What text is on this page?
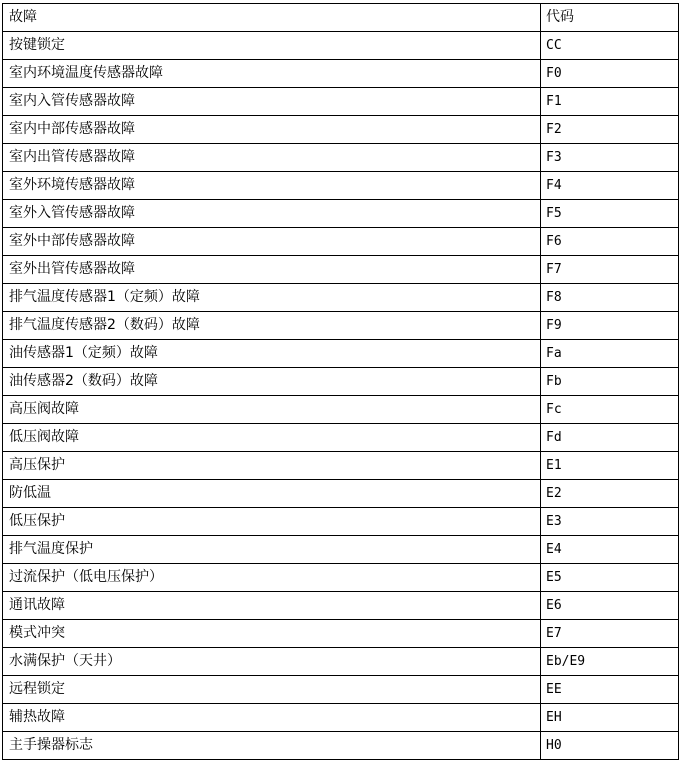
故障	代码
按键锁定	CC
室内环境温度传感器故障	F0
室内入管传感器故障	F1
室内中部传感器故障	F2
室内出管传感器故障	F3
室外环境传感器故障	F4
室外入管传感器故障	F5
室外中部传感器故障	F6
室外出管传感器故障	F7
排气温度传感器1（定频）故障	F8
排气温度传感器2（数码）故障	F9
油传感器1（定频）故障	Fa
油传感器2（数码）故障	Fb
高压阀故障	Fc
低压阀故障	Fd
高压保护	E1
防低温	E2
低压保护	E3
排气温度保护	E4
过流保护（低电压保护）	E5
通讯故障	E6
模式冲突	E7
水满保护（天井）	Eb/E9
远程锁定	EE
辅热故障	EH
主手操器标志	H0
